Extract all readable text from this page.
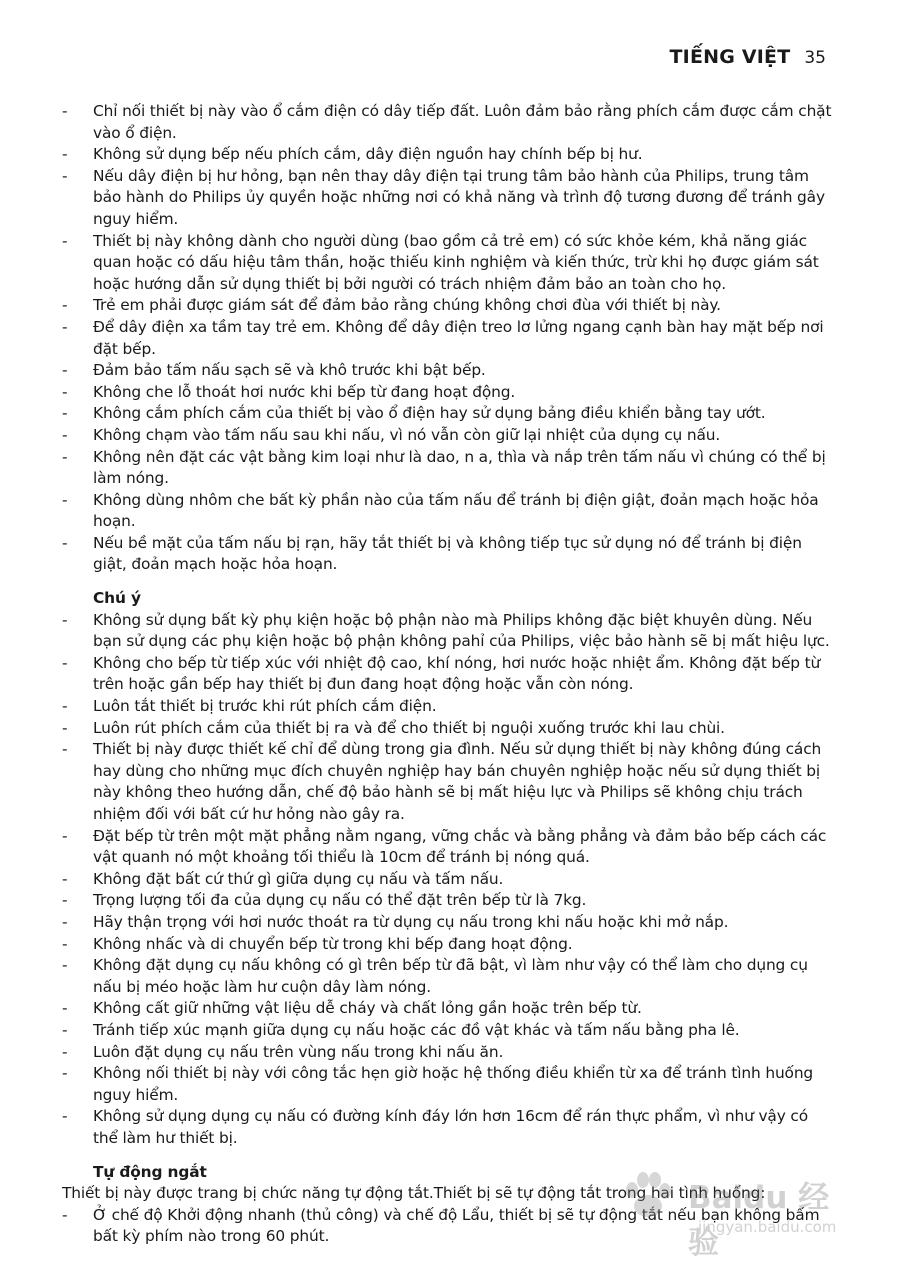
TIẾNG VIỆT 35
- Chỉ nối thiết bị này vào ổ cắm điện có dây tiếp đất. Luôn đảm bảo rằng phích cắm được cắm chặt vào ổ điện.
- Không sử dụng bếp nếu phích cắm, dây điện nguồn hay chính bếp bị hư.
- Nếu dây điện bị hư hỏng, bạn nên thay dây điện tại trung tâm bảo hành của Philips, trung tâm bảo hành do Philips ủy quyền hoặc những nơi có khả năng và trình độ tương đương để tránh gây nguy hiểm.
- Thiết bị này không dành cho người dùng (bao gồm cả trẻ em) có sức khỏe kém, khả năng giác quan hoặc có dấu hiệu tâm thần, hoặc thiếu kinh nghiệm và kiến thức, trừ khi họ được giám sát hoặc hướng dẫn sử dụng thiết bị bởi người có trách nhiệm đảm bảo an toàn cho họ.
- Trẻ em phải được giám sát để đảm bảo rằng chúng không chơi đùa với thiết bị này.
- Để dây điện xa tầm tay trẻ em. Không để dây điện treo lơ lửng ngang cạnh bàn hay mặt bếp nơi đặt bếp.
- Đảm bảo tấm nấu sạch sẽ và khô trước khi bật bếp.
- Không che lỗ thoát hơi nước khi bếp từ đang hoạt động.
- Không cắm phích cắm của thiết bị vào ổ điện hay sử dụng bảng điều khiển bằng tay ướt.
- Không chạm vào tấm nấu sau khi nấu, vì nó vẫn còn giữ lại nhiệt của dụng cụ nấu.
- Không nên đặt các vật bằng kim loại như là dao, n a, thìa và nắp trên tấm nấu vì chúng có thể bị làm nóng.
- Không dùng nhôm che bất kỳ phần nào của tấm nấu để tránh bị điện giật, đoản mạch hoặc hỏa hoạn.
- Nếu bề mặt của tấm nấu bị rạn, hãy tắt thiết bị và không tiếp tục sử dụng nó để tránh bị điện giật, đoản mạch hoặc hỏa hoạn.
Chú ý
- Không sử dụng bất kỳ phụ kiện hoặc bộ phận nào mà Philips không đặc biệt khuyên dùng. Nếu bạn sử dụng các phụ kiện hoặc bộ phận không pahỉ của Philips, việc bảo hành sẽ bị mất hiệu lực.
- Không cho bếp từ tiếp xúc với nhiệt độ cao, khí nóng, hơi nước hoặc nhiệt ẩm. Không đặt bếp từ trên hoặc gần bếp hay thiết bị đun đang hoạt động hoặc vẫn còn nóng.
- Luôn tắt thiết bị trước khi rút phích cắm điện.
- Luôn rút phích cắm của thiết bị ra và để cho thiết bị nguội xuống trước khi lau chùi.
- Thiết bị này được thiết kế chỉ để dùng trong gia đình. Nếu sử dụng thiết bị này không đúng cách hay dùng cho những mục đích chuyên nghiệp hay bán chuyên nghiệp hoặc nếu sử dụng thiết bị này không theo hướng dẫn, chế độ bảo hành sẽ bị mất hiệu lực và Philips sẽ không chịu trách nhiệm đối với bất cứ hư hỏng nào gây ra.
- Đặt bếp từ trên một mặt phẳng nằm ngang, vững chắc và bằng phẳng và đảm bảo bếp cách các vật quanh nó một khoảng tối thiểu là 10cm để tránh bị nóng quá.
- Không đặt bất cứ thứ gì giữa dụng cụ nấu và tấm nấu.
- Trọng lượng tối đa của dụng cụ nấu có thể đặt trên bếp từ là 7kg.
- Hãy thận trọng với hơi nước thoát ra từ dụng cụ nấu trong khi nấu hoặc khi mở nắp.
- Không nhấc và di chuyển bếp từ trong khi bếp đang hoạt động.
- Không đặt dụng cụ nấu không có gì trên bếp từ đã bật, vì làm như vậy có thể làm cho dụng cụ nấu bị méo hoặc làm hư cuộn dây làm nóng.
- Không cất giữ những vật liệu dễ cháy và chất lỏng gần hoặc trên bếp từ.
- Tránh tiếp xúc mạnh giữa dụng cụ nấu hoặc các đồ vật khác và tấm nấu bằng pha lê.
- Luôn đặt dụng cụ nấu trên vùng nấu trong khi nấu ăn.
- Không nối thiết bị này với công tắc hẹn giờ hoặc hệ thống điều khiển từ xa để tránh tình huống nguy hiểm.
- Không sử dụng dụng cụ nấu có đường kính đáy lớn hơn 16cm để rán thực phẩm, vì như vậy có thể làm hư thiết bị.
Tự động ngắt

Thiết bị này được trang bị chức năng tự động tắt.Thiết bị sẽ tự động tắt trong hai tình huống:

- Ở chế độ Khởi động nhanh (thủ công) và chế độ Lẩu, thiết bị sẽ tự động tắt nếu bạn không bấm bất kỳ phím nào trong 60 phút.
Baidu 经验
jingyan.baidu.com
